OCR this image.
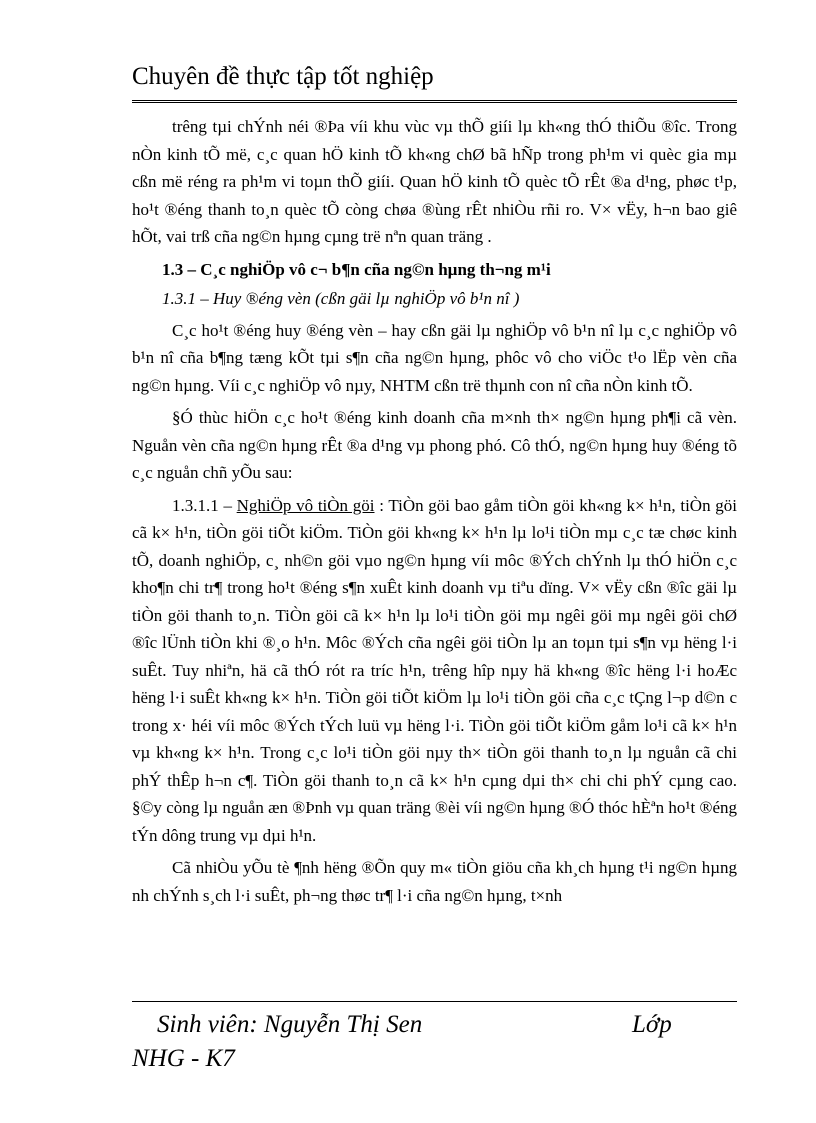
Chuyên đề thực tập tốt nghiệp

trêng tµi chÝnh néi ®Þa víi khu vùc vµ thÕ giíi lµ kh«ng thÓ thiÕu ®îc. Trong nÒn kinh tÕ më, c¸c quan hÖ kinh tÕ kh«ng chØ bã hÑp trong ph¹m vi quèc gia mµ cßn më réng ra ph¹m vi toµn thÕ giíi. Quan hÖ kinh tÕ quèc tÕ rÊt ®a d¹ng, phøc t¹p, ho¹t ®éng thanh to¸n quèc tÕ còng chøa ®ùng rÊt nhiÒu rñi ro. V× vËy, h¬n bao giê hÕt, vai trß cña ng©n hµng cµng trë nªn quan träng .

1.3 – C¸c nghiÖp vô c¬ b¶n cña ng©n hµng th¬ng m¹i
1.3.1 – Huy ®éng vèn (cßn gäi lµ nghiÖp vô b¹n nî )

C¸c ho¹t ®éng huy ®éng vèn – hay cßn gäi lµ nghiÖp vô b¹n nî lµ c¸c nghiÖp vô b¹n nî cña b¶ng tæng kÕt tµi s¶n cña ng©n hµng, phôc vô cho viÖc t¹o lËp vèn cña ng©n hµng. Víi c¸c nghiÖp vô nµy, NHTM cßn trë thµnh con nî cña nÒn kinh tÕ.

§Ó thùc hiÖn c¸c ho¹t ®éng kinh doanh cña m×nh th× ng©n hµng ph¶i cã vèn. Nguån vèn cña ng©n hµng rÊt ®a d¹ng vµ phong phó. Cô thÓ, ng©n hµng huy ®éng tõ c¸c nguån chñ yÕu sau:

1.3.1.1 – NghiÖp vô tiÒn göi : TiÒn göi bao gåm tiÒn göi kh«ng k× h¹n, tiÒn göi cã k× h¹n, tiÒn göi tiÕt kiÖm. TiÒn göi kh«ng k× h¹n lµ lo¹i tiÒn mµ c¸c tæ chøc kinh tÕ, doanh nghiÖp, c¸ nh©n göi vµo ng©n hµng víi môc ®Ých chÝnh lµ thÓ hiÖn c¸c kho¶n chi tr¶ trong ho¹t ®éng s¶n xuÊt kinh doanh vµ tiªu dïng. V× vËy cßn ®îc gäi lµ tiÒn göi thanh to¸n. TiÒn göi cã k× h¹n lµ lo¹i tiÒn göi mµ ngêi göi mµ ngêi göi chØ ®îc lÜnh tiÒn khi ®¸o h¹n. Môc ®Ých cña ngêi göi tiÒn lµ an toµn tµi s¶n vµ hëng l·i suÊt. Tuy nhiªn, hä cã thÓ rót ra tríc h¹n, trêng hîp nµy hä kh«ng ®îc hëng l·i hoÆc hëng l·i suÊt kh«ng k× h¹n. TiÒn göi tiÕt kiÖm lµ lo¹i tiÒn göi cña c¸c tÇng l¬p d©n c trong x· héi víi môc ®Ých tÝch luü vµ hëng l·i. TiÒn göi tiÕt kiÖm gåm lo¹i cã k× h¹n vµ kh«ng k× h¹n. Trong c¸c lo¹i tiÒn göi nµy th× tiÒn göi thanh to¸n lµ nguån cã chi phÝ thÊp h¬n c¶. TiÒn göi thanh to¸n cã k× h¹n cµng dµi th× chi chi phÝ cµng cao. §©y còng lµ nguån æn ®Þnh vµ quan träng ®èi víi ng©n hµng ®Ó thóc hÈªn ho¹t ®éng tÝn dông trung vµ dµi h¹n.

Cã nhiÒu yÕu tè ¶nh hëng ®Õn quy m« tiÒn giöu cña kh¸ch hµng t¹i ng©n hµng nh chÝnh s¸ch l·i suÊt, ph¬ng thøc tr¶ l·i cña ng©n hµng, t×nh

Sinh viên: Nguyễn Thị Sen	Lớp
NHG - K7
